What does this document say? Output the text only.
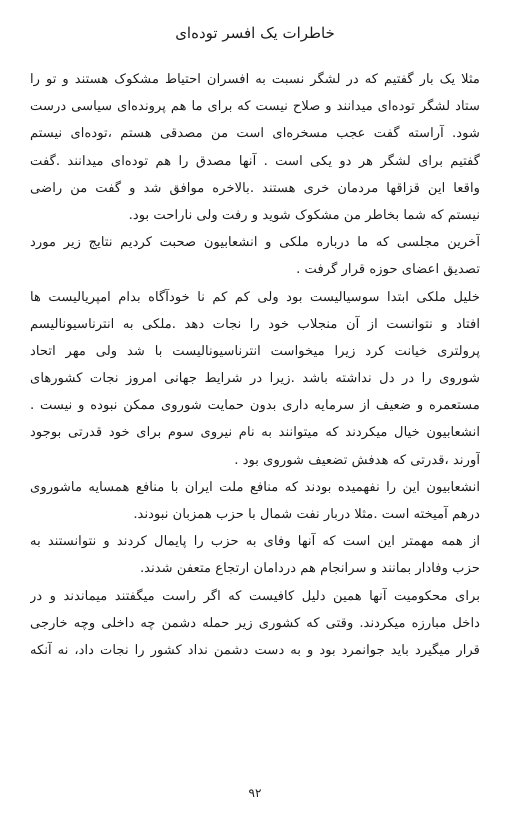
خاطرات یک افسر توده‌ای
مثلا یک بار گفتیم که در لشگر نسبت به افسران احتیاط مشکوک هستند و تو را
ستاد لشگر توده‌ای میدانند و صلاح نیست که برای ما هم پرونده‌ای سیاسی درست
شود. آراسته گفت عجب مسخره‌ای است من مصدقی هستم ،توده‌ای نیستم
گفتیم برای لشگر هر دو یکی است . آنها مصدق را هم توده‌ای میدانند .گفت
واقعا این قزاقها مردمان خری هستند .بالاخره موافق شد و گفت من راضی
نیستم که شما بخاطر من مشکوک شوید و رفت ولی ناراحت بود.
آخرین مجلسی که ما درباره ملکی و انشعابیون صحبت کردیم نتایج زیر مورد
تصدیق اعضای حوزه قرار گرفت .
خلیل ملکی ابتدا سوسیالیست بود ولی کم کم نا خودآگاه بدام امپریالیست ها
افتاد و نتوانست از آن منجلاب خود را نجات دهد .ملکی به انترناسیونالیسم
پرولتری خیانت کرد زیرا میخواست انترناسیونالیست با شد ولی مهر اتحاد
شوروی را در دل نداشته باشد .زیرا در شرایط جهانی امروز نجات کشورهای
مستعمره و ضعیف از سرمایه داری بدون حمایت شوروی ممکن نبوده و نیست .
انشعابیون خیال میکردند که میتوانند به نام نیروی سوم برای خود قدرتی بوجود
آورند ،قدرتی که هدفش تضعیف شوروی بود .
انشعابیون این را نفهمیده بودند که منافع ملت ایران با منافع همسایه ماشوروی
درهم آمیخته است .مثلا دربار نفت شمال با حزب همزبان نبودند.
از همه مهمتر این است که آنها وفای به حزب را پایمال کردند و نتوانستند به
حزب وفادار بمانند و سرانجام هم دردامان ارتجاع متعفن شدند.
برای محکومیت آنها همین دلیل کافیست که اگر راست میگفتند میماندند و در
داخل مبارزه میکردند. وقتی که کشوری زیر حمله دشمن چه داخلی وچه خارجی
قرار میگیرد باید جوانمرد بود و به دست دشمن نداد کشور را نجات داد، نه آنکه
۹۲
